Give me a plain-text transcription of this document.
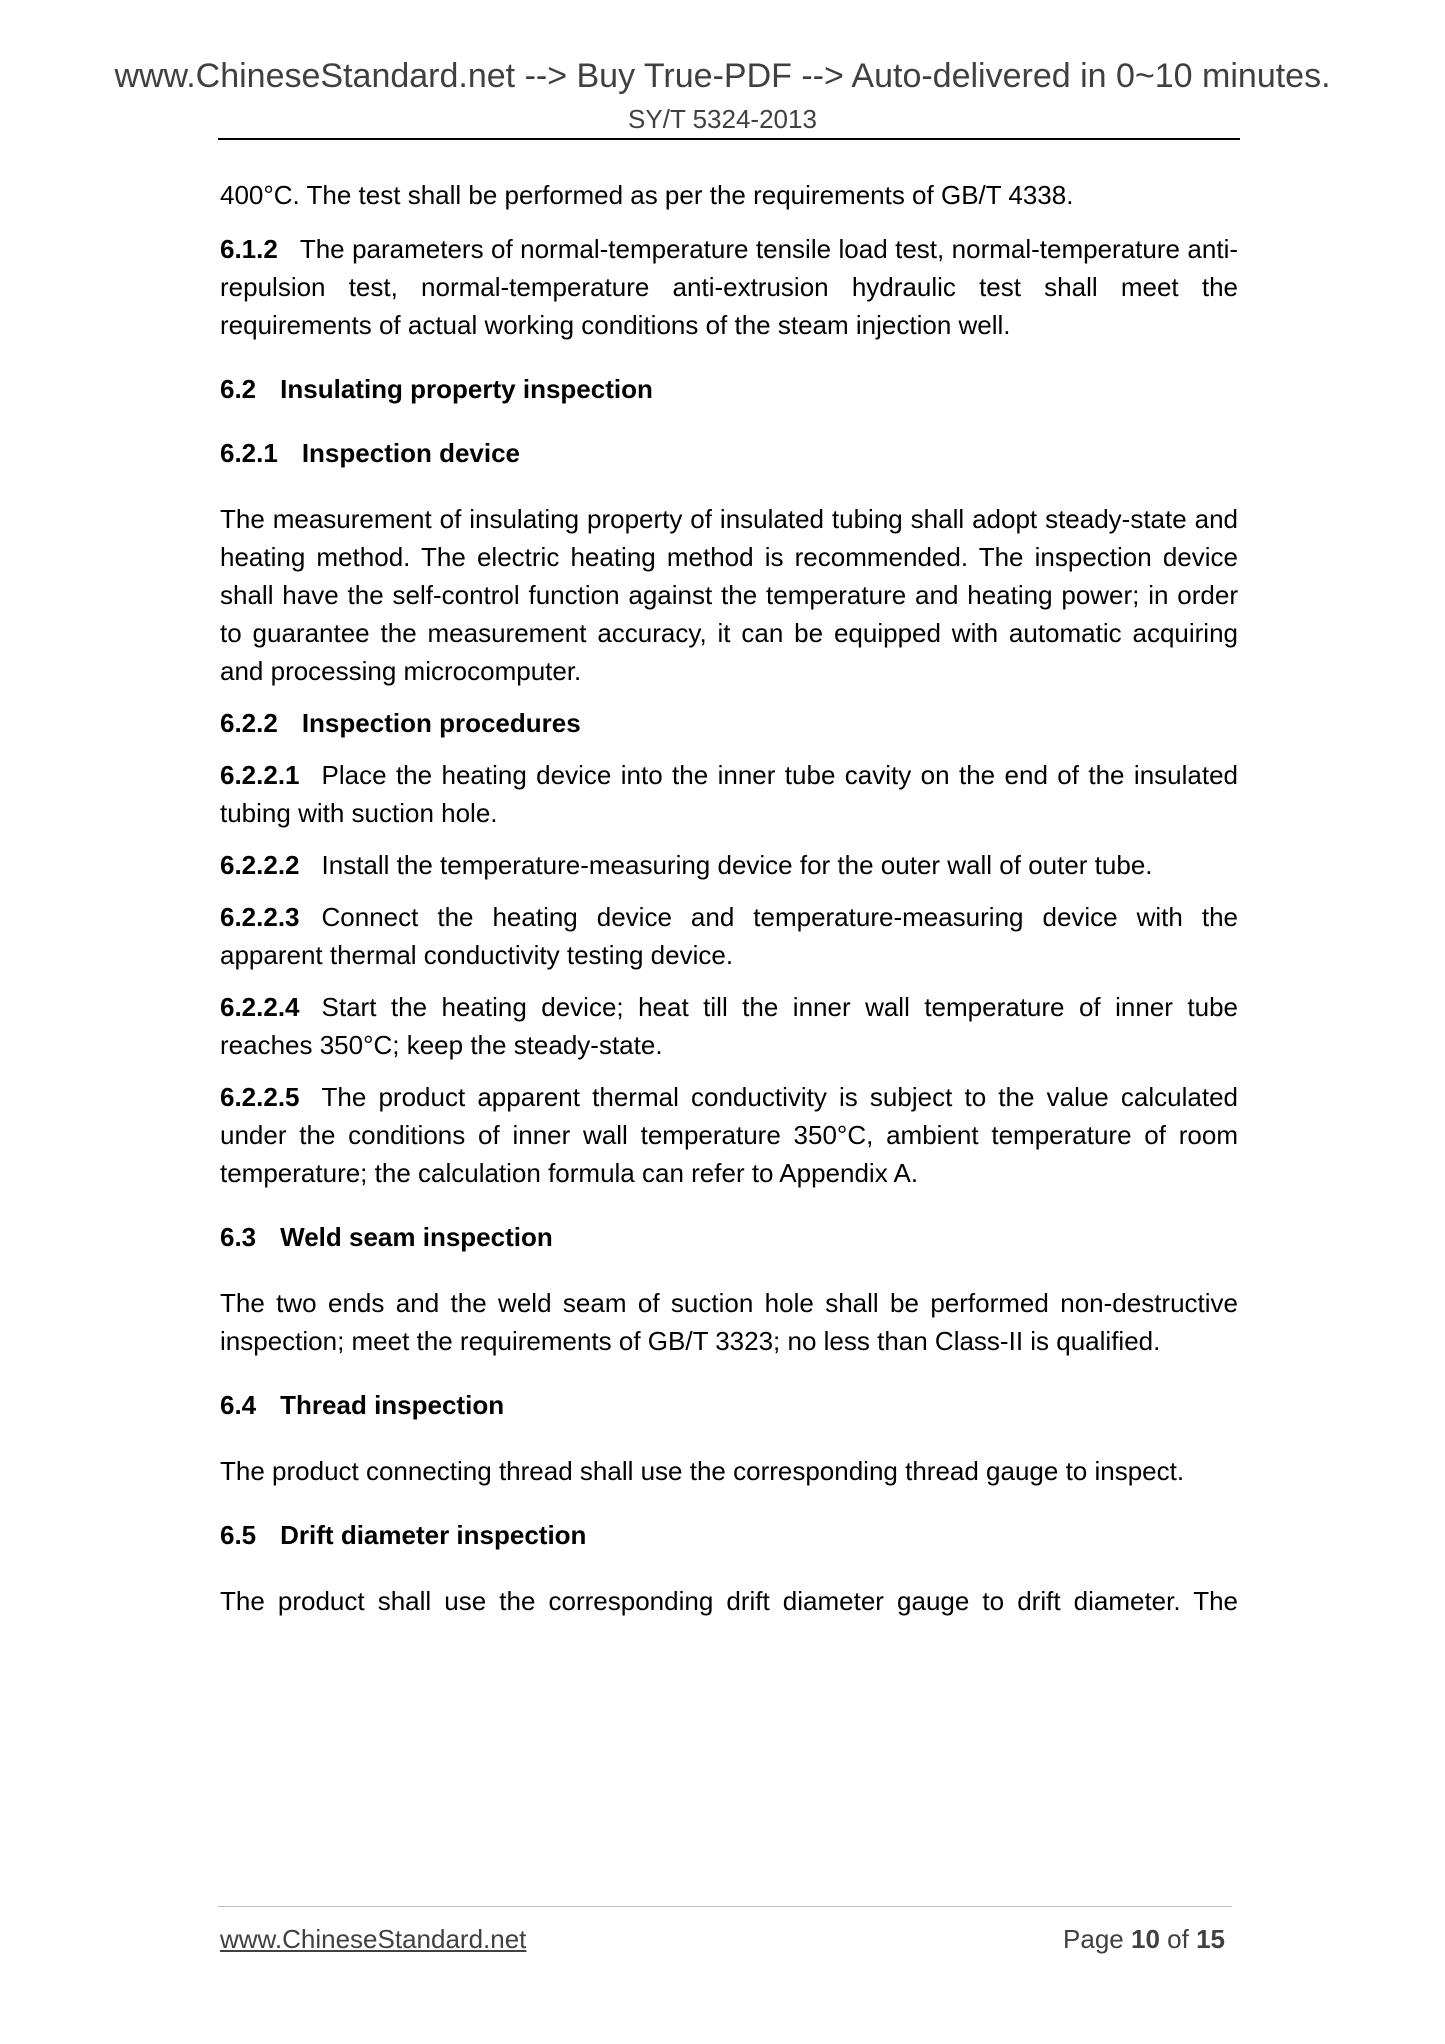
www.ChineseStandard.net --> Buy True-PDF --> Auto-delivered in 0~10 minutes.
SY/T 5324-2013

400°C. The test shall be performed as per the requirements of GB/T 4338.

6.1.2 The parameters of normal-temperature tensile load test, normal-temperature anti-repulsion test, normal-temperature anti-extrusion hydraulic test shall meet the requirements of actual working conditions of the steam injection well.

6.2 Insulating property inspection

6.2.1 Inspection device

The measurement of insulating property of insulated tubing shall adopt steady-state and heating method. The electric heating method is recommended. The inspection device shall have the self-control function against the temperature and heating power; in order to guarantee the measurement accuracy, it can be equipped with automatic acquiring and processing microcomputer.

6.2.2 Inspection procedures

6.2.2.1 Place the heating device into the inner tube cavity on the end of the insulated tubing with suction hole.

6.2.2.2 Install the temperature-measuring device for the outer wall of outer tube.

6.2.2.3 Connect the heating device and temperature-measuring device with the apparent thermal conductivity testing device.

6.2.2.4 Start the heating device; heat till the inner wall temperature of inner tube reaches 350°C; keep the steady-state.

6.2.2.5 The product apparent thermal conductivity is subject to the value calculated under the conditions of inner wall temperature 350°C, ambient temperature of room temperature; the calculation formula can refer to Appendix A.

6.3 Weld seam inspection

The two ends and the weld seam of suction hole shall be performed non-destructive inspection; meet the requirements of GB/T 3323; no less than Class-II is qualified.

6.4 Thread inspection

The product connecting thread shall use the corresponding thread gauge to inspect.

6.5 Drift diameter inspection

The product shall use the corresponding drift diameter gauge to drift diameter. The

www.ChineseStandard.net	Page 10 of 15
